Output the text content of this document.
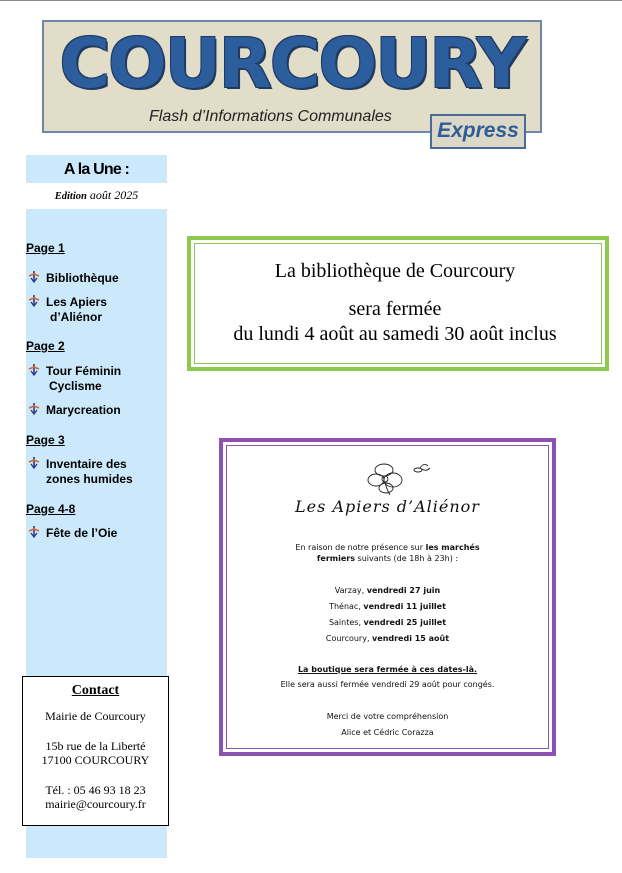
COURCOURY
Flash d’Informations Communales
Express
A la Une :
Edition août 2025
Page 1
Bibliothèque
Les Apiers
d’Aliénor
Page 2
Tour Féminin
Cyclisme
Marycreation
Page 3
Inventaire des
zones humides
Page 4-8
Fête de l’Oie
Contact
Mairie de Courcoury
15b rue de la Liberté
17100 COURCOURY
Tél. : 05 46 93 18 23
mairie@courcoury.fr
La bibliothèque de Courcoury
sera fermée
du lundi 4 août au samedi 30 août inclus
Les Apiers d’Aliénor
En raison de notre présence sur les marchés
fermiers suivants (de 18h à 23h) :
Varzay, vendredi 27 juin
Thénac, vendredi 11 juillet
Saintes, vendredi 25 juillet
Courcoury, vendredi 15 août
La boutique sera fermée à ces dates-là.
Elle sera aussi fermée vendredi 29 août pour congés.
Merci de votre compréhension
Alice et Cédric Corazza
